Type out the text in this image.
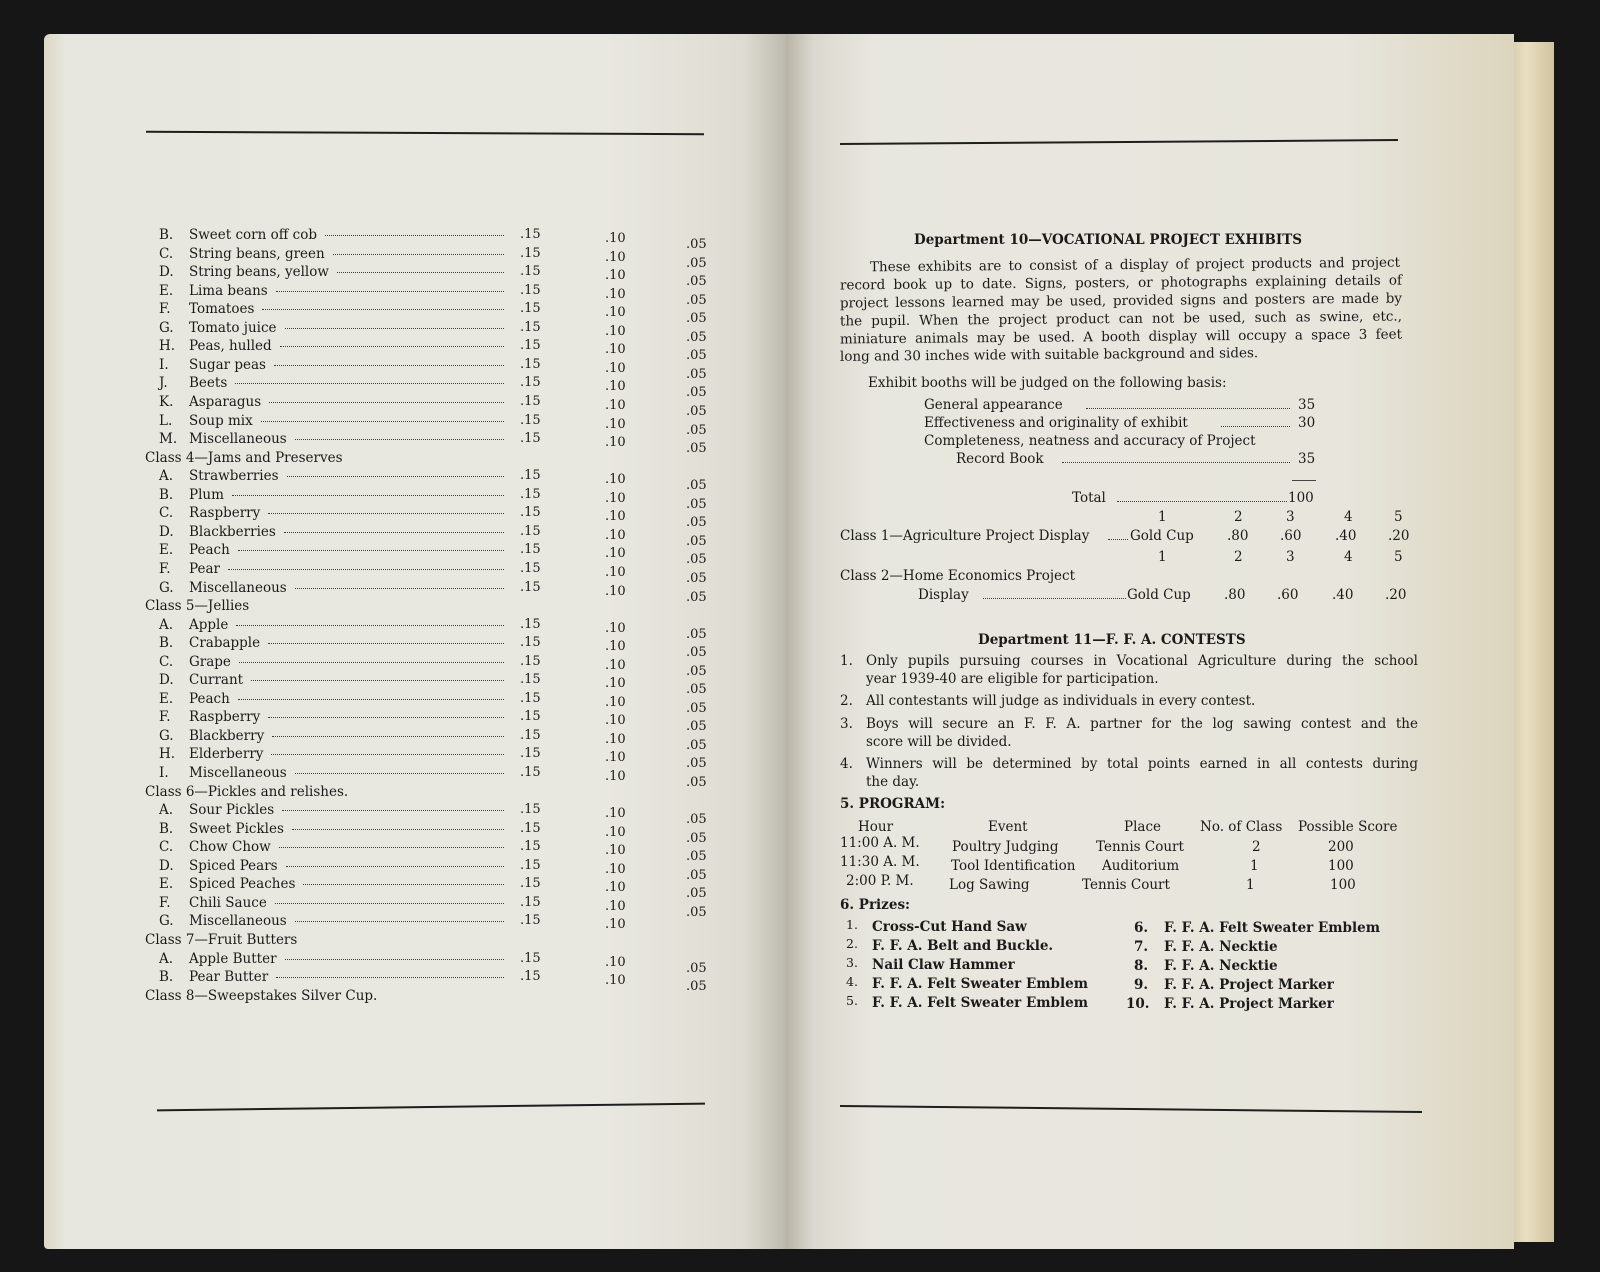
B. Sweet corn off cob	.15	.10	.05
C. String beans, green	.15	.10	.05
D. String beans, yellow	.15	.10	.05
E. Lima beans	.15	.10	.05
F. Tomatoes	.15	.10	.05
G. Tomato juice	.15	.10	.05
H. Peas, hulled	.15	.10	.05
I. Sugar peas	.15	.10	.05
J. Beets	.15	.10	.05
K. Asparagus	.15	.10	.05
L. Soup mix	.15	.10	.05
M. Miscellaneous	.15	.10	.05
Class 4—Jams and Preserves
A. Strawberries	.15	.10	.05
B. Plum	.15	.10	.05
C. Raspberry	.15	.10	.05
D. Blackberries	.15	.10	.05
E. Peach	.15	.10	.05
F. Pear	.15	.10	.05
G. Miscellaneous	.15	.10	.05
Class 5—Jellies
A. Apple	.15	.10	.05
B. Crabapple	.15	.10	.05
C. Grape	.15	.10	.05
D. Currant	.15	.10	.05
E. Peach	.15	.10	.05
F. Raspberry	.15	.10	.05
G. Blackberry	.15	.10	.05
H. Elderberry	.15	.10	.05
I. Miscellaneous	.15	.10	.05
Class 6—Pickles and relishes.
A. Sour Pickles	.15	.10	.05
B. Sweet Pickles	.15	.10	.05
C. Chow Chow	.15	.10	.05
D. Spiced Pears	.15	.10	.05
E. Spiced Peaches	.15	.10	.05
F. Chili Sauce	.15	.10	.05
G. Miscellaneous	.15	.10
Class 7—Fruit Butters
A. Apple Butter	.15	.10	.05
B. Pear Butter	.15	.10	.05
Class 8—Sweepstakes Silver Cup.
Department 10—VOCATIONAL PROJECT EXHIBITS
These exhibits are to consist of a display of project products and project
record book up to date. Signs, posters, or photographs explaining details of
project lessons learned may be used, provided signs and posters are made by
the pupil. When the project product can not be used, such as swine, etc.,
miniature animals may be used. A booth display will occupy a space 3 feet
long and 30 inches wide with suitable background and sides.
Exhibit booths will be judged on the following basis:
General appearance	35
Effectiveness and originality of exhibit	30
Completeness, neatness and accuracy of Project
Record Book	35
Total	100
1	2	3	4	5
1	2	3	4	5
Class 1—Agriculture Project Display	Gold Cup .80 .60 .40 .20
Class 2—Home Economics Project
Display	Gold Cup .80 .60 .40 .20
Department 11—F. F. A. CONTESTS
1. Only pupils pursuing courses in Vocational Agriculture during the school
year 1939-40 are eligible for participation.
2. All contestants will judge as individuals in every contest.
3. Boys will secure an F. F. A. partner for the log sawing contest and the
score will be divided.
4. Winners will be determined by total points earned in all contests during
the day.
5. PROGRAM:
Hour	Event	Place	No. of Class Possible Score
11:00 A. M. Poultry Judging	Tennis Court	2	200
11:30 A. M. Tool Identification Auditorium	1	100
2:00 P. M.	Log Sawing	Tennis Court	1	100
6. Prizes:
1. Cross-Cut Hand Saw
2. F. F. A. Belt and Buckle.
3. Nail Claw Hammer
4. F. F. A. Felt Sweater Emblem
5. F. F. A. Felt Sweater Emblem
6. F. F. A. Felt Sweater Emblem
7. F. F. A. Necktie
8. F. F. A. Necktie
9. F. F. A. Project Marker
10. F. F. A. Project Marker
